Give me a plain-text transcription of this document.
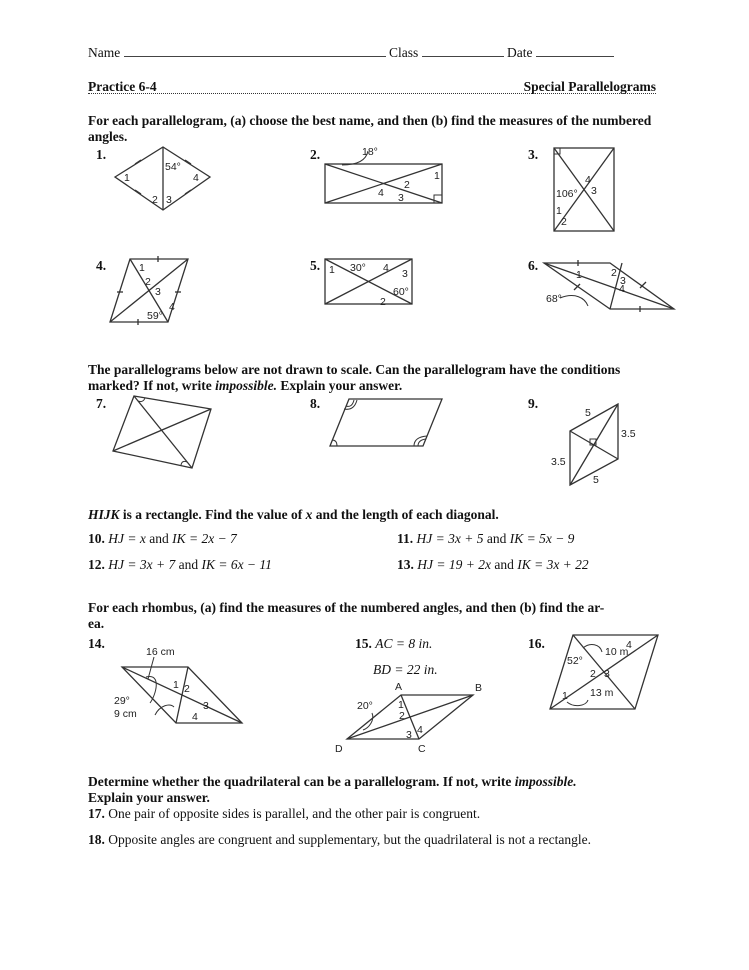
Name	Class	Date
Practice 6-4	Special Parallelograms
For each parallelogram, (a) choose the best name, and then (b) find the measures of the numbered angles.
1.
54°
1
2 3
4
2.	18°
1
2
3
4
3.
106°
1
2
3
4
4.	1
2
3
4
59°
5. 1 30° 4 3
60°
2
6.
1	2
3
4
68°
The parallelograms below are not drawn to scale. Can the parallelogram have the conditions marked? If not, write impossible. Explain your answer.
7.	8.	9.
5
3.5
3.5
5
HIJK is a rectangle. Find the value of x and the length of each diagonal.
10. HJ = x and IK = 2x − 7	11. HJ = 3x + 5 and IK = 5x − 9
12. HJ = 3x + 7 and IK = 6x − 11	13. HJ = 19 + 2x and IK = 3x + 22
For each rhombus, (a) find the measures of the numbered angles, and then (b) find the ar-
ea.
14.
16 cm
29°
9 cm
1 2
3
4
15. AC = 8 in.
BD = 22 in.
A	B
C
D
20° 1
2
3 4
16.
10 m
52°
13 m
1
2 3
4
Determine whether the quadrilateral can be a parallelogram. If not, write impossible.
Explain your answer.
17. One pair of opposite sides is parallel, and the other pair is congruent.
18. Opposite angles are congruent and supplementary, but the quadrilateral is not a rectangle.
